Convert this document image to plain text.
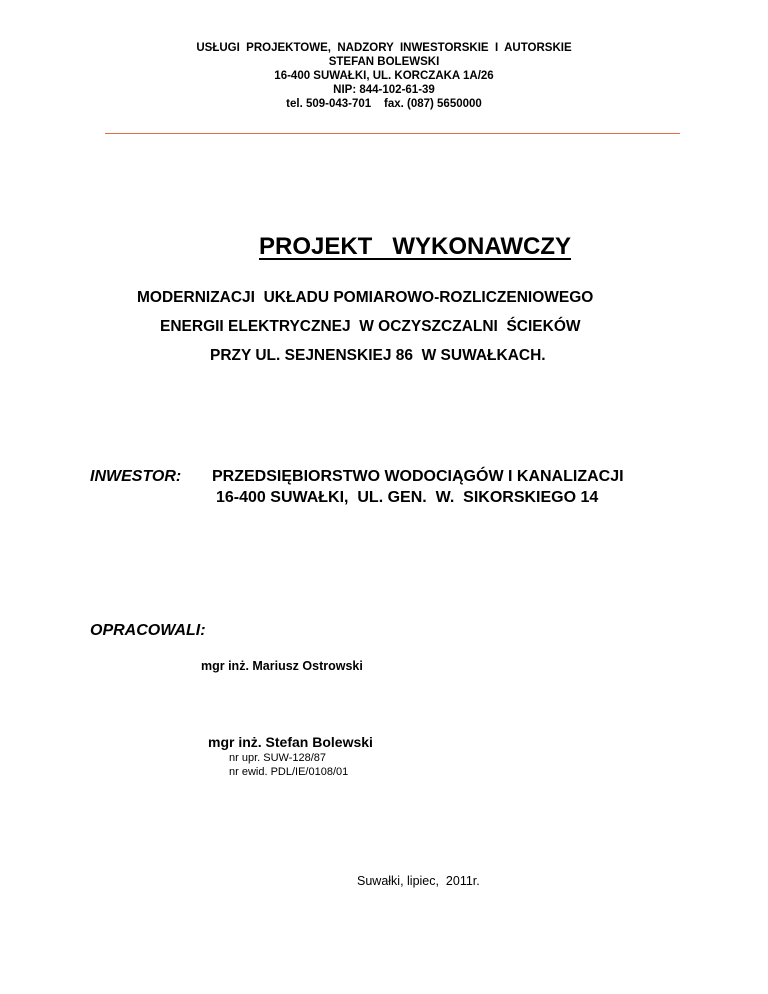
USŁUGI  PROJEKTOWE,  NADZORY  INWESTORSKIE  I  AUTORSKIE
STEFAN BOLEWSKI
16-400 SUWAŁKI, UL. KORCZAKA 1A/26
NIP: 844-102-61-39
tel. 509-043-701    fax. (087) 5650000
PROJEKT   WYKONAWCZY
MODERNIZACJI  UKŁADU POMIAROWO-ROZLICZENIOWEGO
ENERGII ELEKTRYCZNEJ  W OCZYSZCZALNI  ŚCIEKÓW
PRZY UL. SEJNENSKIEJ 86  W SUWAŁKACH.
INWESTOR: PRZEDSIĘBIORSTWO WODOCIĄGÓW I KANALIZACJI
16-400 SUWAŁKI,  UL. GEN.  W.  SIKORSKIEGO 14
OPRACOWALI:
mgr inż. Mariusz Ostrowski
mgr inż. Stefan Bolewski
nr upr. SUW-128/87
nr ewid. PDL/IE/0108/01
Suwałki, lipiec,  2011r.
